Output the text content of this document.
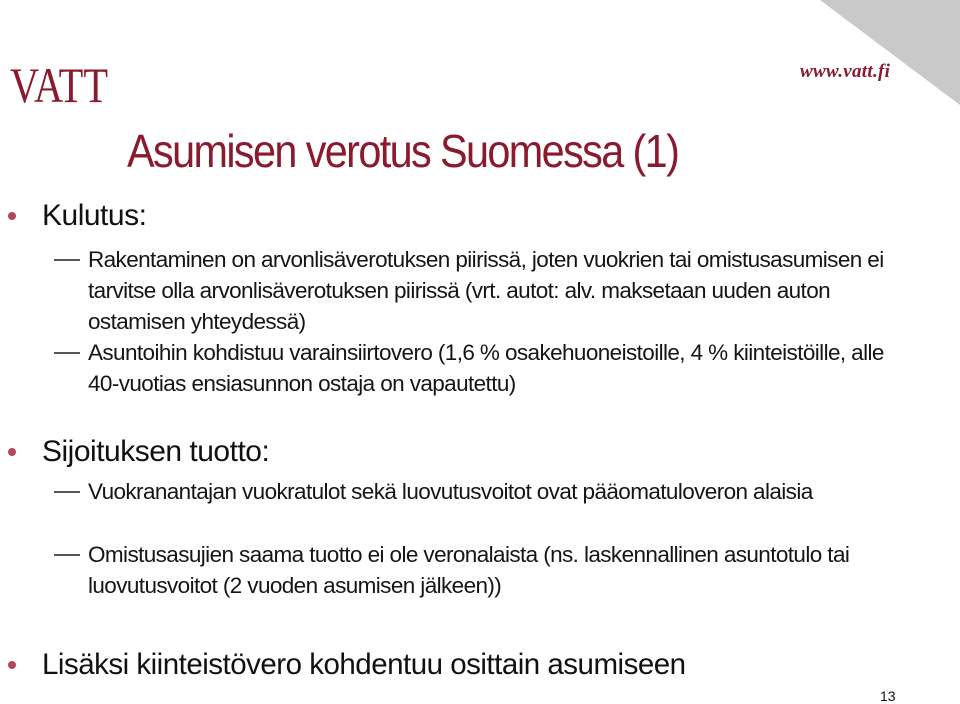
VATT	www.vatt.fi
Asumisen verotus Suomessa (1)
Kulutus:
Rakentaminen on arvonlisäverotuksen piirissä, joten vuokrien tai omistusasumisen ei tarvitse olla arvonlisäverotuksen piirissä (vrt. autot: alv. maksetaan uuden auton ostamisen yhteydessä)
Asuntoihin kohdistuu varainsiirtovero (1,6 % osakehuoneistoille, 4 % kiinteistöille, alle 40-vuotias ensiasunnon ostaja on vapautettu)
Sijoituksen tuotto:
Vuokranantajan vuokratulot sekä luovutusvoitot ovat pääomatuloveron alaisia
Omistusasujien saama tuotto ei ole veronalaista (ns. laskennallinen asuntotulo tai luovutusvoitot (2 vuoden asumisen jälkeen))
Lisäksi kiinteistövero kohdentuu osittain asumiseen
13
